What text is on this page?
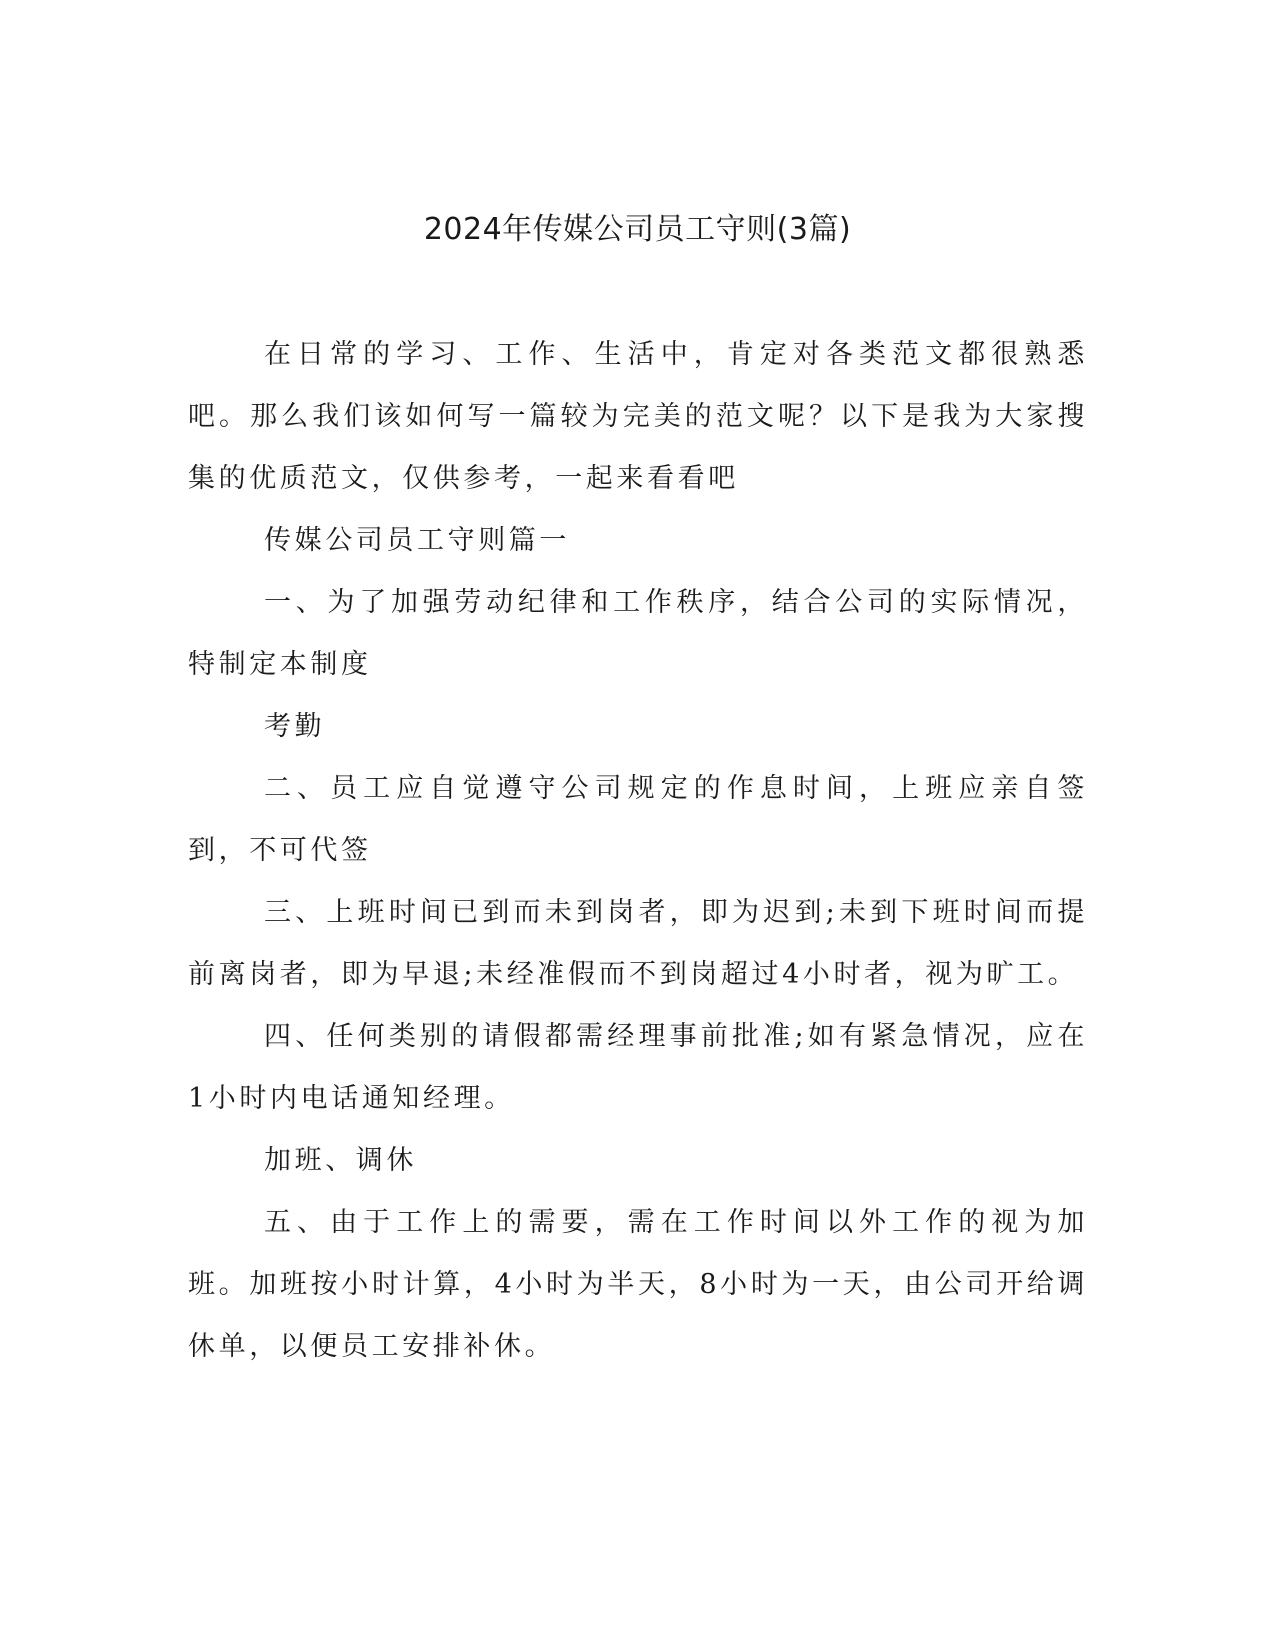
2024年传媒公司员工守则(3篇)

在日常的学习、工作、生活中，肯定对各类范文都很熟悉吧。那么我们该如何写一篇较为完美的范文呢？以下是我为大家搜集的优质范文，仅供参考，一起来看看吧

传媒公司员工守则篇一

一、为了加强劳动纪律和工作秩序，结合公司的实际情况，特制定本制度

考勤

二、员工应自觉遵守公司规定的作息时间，上班应亲自签到，不可代签

三、上班时间已到而未到岗者，即为迟到;未到下班时间而提前离岗者，即为早退;未经准假而不到岗超过4小时者，视为旷工。

四、任何类别的请假都需经理事前批准;如有紧急情况，应在1小时内电话通知经理。

加班、调休

五、由于工作上的需要，需在工作时间以外工作的视为加班。加班按小时计算，4小时为半天，8小时为一天，由公司开给调休单，以便员工安排补休。
